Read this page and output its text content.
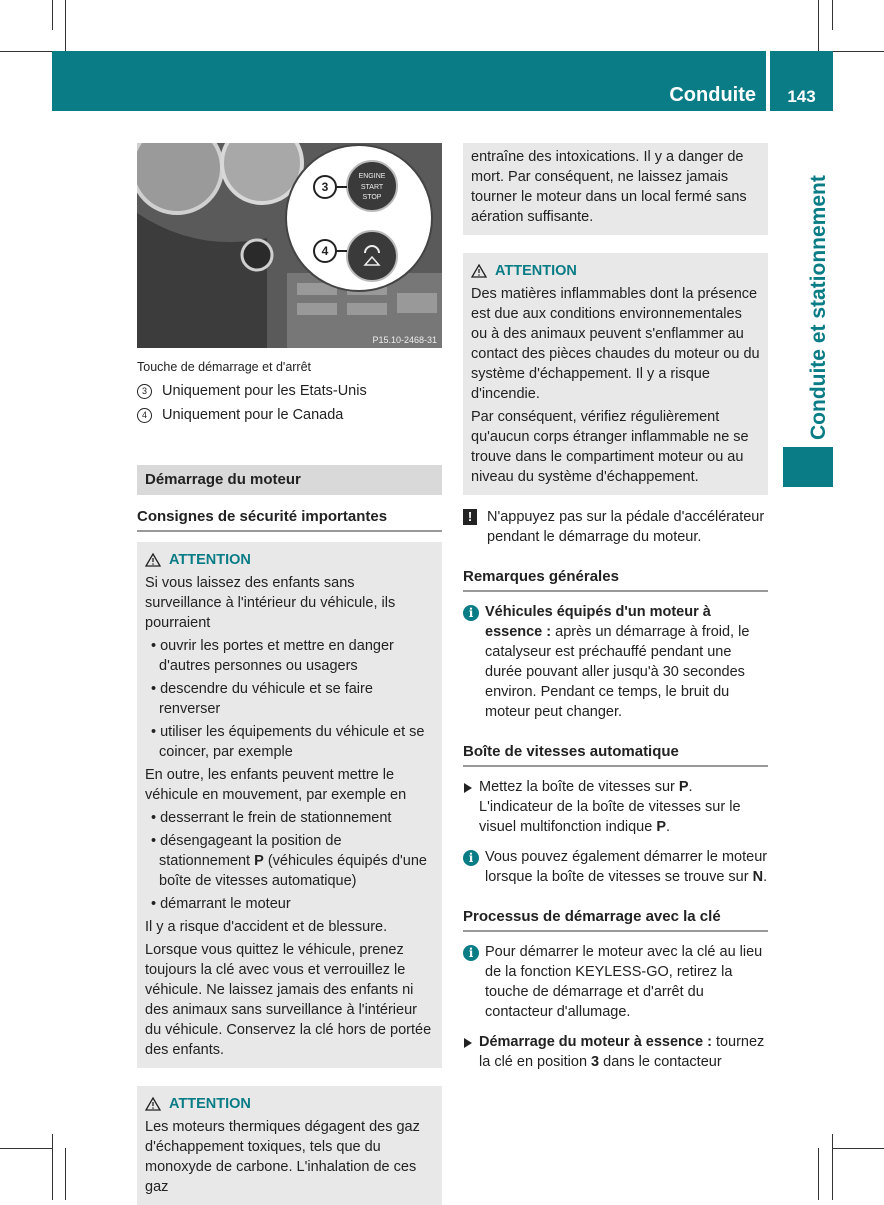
Conduite	143
Conduite et stationnement
3
4
ENGINE
START
STOP
P15.10-2468-31
Touche de démarrage et d'arrêt
3	Uniquement pour les Etats-Unis
4	Uniquement pour le Canada
Démarrage du moteur
Consignes de sécurité importantes
ATTENTION
Si vous laissez des enfants sans surveillance à l'intérieur du véhicule, ils pourraient
• ouvrir les portes et mettre en danger d'autres personnes ou usagers
• descendre du véhicule et se faire renverser
• utiliser les équipements du véhicule et se coincer, par exemple
En outre, les enfants peuvent mettre le véhicule en mouvement, par exemple en
• desserrant le frein de stationnement
• désengageant la position de stationnement P (véhicules équipés d'une boîte de vitesses automatique)
• démarrant le moteur
Il y a risque d'accident et de blessure.
Lorsque vous quittez le véhicule, prenez toujours la clé avec vous et verrouillez le véhicule. Ne laissez jamais des enfants ni des animaux sans surveillance à l'intérieur du véhicule. Conservez la clé hors de portée des enfants.
ATTENTION
Les moteurs thermiques dégagent des gaz d'échappement toxiques, tels que du monoxyde de carbone. L'inhalation de ces gaz
entraîne des intoxications. Il y a danger de mort. Par conséquent, ne laissez jamais tourner le moteur dans un local fermé sans aération suffisante.
ATTENTION
Des matières inflammables dont la présence est due aux conditions environnementales ou à des animaux peuvent s'enflammer au contact des pièces chaudes du moteur ou du système d'échappement. Il y a risque d'incendie.
Par conséquent, vérifiez régulièrement qu'aucun corps étranger inflammable ne se trouve dans le compartiment moteur ou au niveau du système d'échappement.
!	N'appuyez pas sur la pédale d'accélérateur pendant le démarrage du moteur.
Remarques générales
i Véhicules équipés d'un moteur à essence : après un démarrage à froid, le catalyseur est préchauffé pendant une durée pouvant aller jusqu'à 30 secondes environ. Pendant ce temps, le bruit du moteur peut changer.
Boîte de vitesses automatique
Mettez la boîte de vitesses sur P.
L'indicateur de la boîte de vitesses sur le visuel multifonction indique P.
i Vous pouvez également démarrer le moteur lorsque la boîte de vitesses se trouve sur N.
Processus de démarrage avec la clé
i Pour démarrer le moteur avec la clé au lieu de la fonction KEYLESS-GO, retirez la touche de démarrage et d'arrêt du contacteur d'allumage.
Démarrage du moteur à essence : tournez la clé en position 3 dans le contacteur
